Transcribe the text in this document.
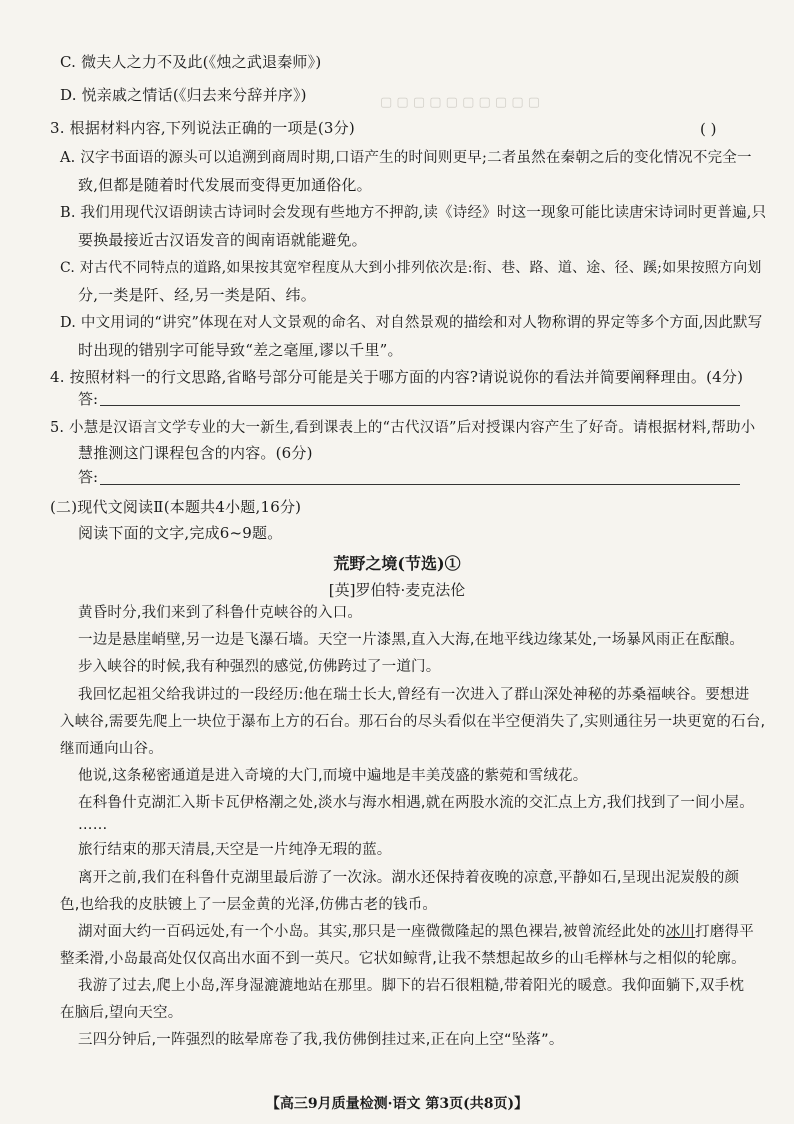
▢ ▢ ▢ ▢ ▢ ▢ ▢ ▢ ▢ ▢
C. 微夫人之力不及此(《烛之武退秦师》)
D. 悦亲戚之情话(《归去来兮辞并序》)
3. 根据材料内容,下列说法正确的一项是(3分)	( )
A. 汉字书面语的源头可以追溯到商周时期,口语产生的时间则更早;二者虽然在秦朝之后的变化情况不完全一
致,但都是随着时代发展而变得更加通俗化。
B. 我们用现代汉语朗读古诗词时会发现有些地方不押韵,读《诗经》时这一现象可能比读唐宋诗词时更普遍,只
要换最接近古汉语发音的闽南语就能避免。
C. 对古代不同特点的道路,如果按其宽窄程度从大到小排列依次是:衔、巷、路、道、途、径、蹊;如果按照方向划
分,一类是阡、经,另一类是陌、纬。
D. 中文用词的“讲究”体现在对人文景观的命名、对自然景观的描绘和对人物称谓的界定等多个方面,因此默写
时出现的错别字可能导致“差之毫厘,谬以千里”。
4. 按照材料一的行文思路,省略号部分可能是关于哪方面的内容?请说说你的看法并简要阐释理由。(4分)
答:
5. 小慧是汉语言文学专业的大一新生,看到课表上的“古代汉语”后对授课内容产生了好奇。请根据材料,帮助小
慧推测这门课程包含的内容。(6分)
答:
(二)现代文阅读Ⅱ(本题共4小题,16分)
阅读下面的文字,完成6~9题。
荒野之境(节选)①
[英]罗伯特·麦克法伦
黄昏时分,我们来到了科鲁什克峡谷的入口。
一边是悬崖峭壁,另一边是飞瀑石墙。天空一片漆黑,直入大海,在地平线边缘某处,一场暴风雨正在酝酿。
步入峡谷的时候,我有种强烈的感觉,仿佛跨过了一道门。
我回忆起祖父给我讲过的一段经历:他在瑞士长大,曾经有一次进入了群山深处神秘的苏桑福峡谷。要想进
入峡谷,需要先爬上一块位于瀑布上方的石台。那石台的尽头看似在半空便消失了,实则通往另一块更宽的石台,
继而通向山谷。
他说,这条秘密通道是进入奇境的大门,而境中遍地是丰美茂盛的紫菀和雪绒花。
在科鲁什克湖汇入斯卡瓦伊格潮之处,淡水与海水相遇,就在两股水流的交汇点上方,我们找到了一间小屋。
……
旅行结束的那天清晨,天空是一片纯净无瑕的蓝。
离开之前,我们在科鲁什克湖里最后游了一次泳。湖水还保持着夜晚的凉意,平静如石,呈现出泥炭般的颜
色,也给我的皮肤镀上了一层金黄的光泽,仿佛古老的钱币。
湖对面大约一百码远处,有一个小岛。其实,那只是一座微微隆起的黑色裸岩,被曾流经此处的冰川打磨得平
整柔滑,小岛最高处仅仅高出水面不到一英尺。它状如鲸背,让我不禁想起故乡的山毛榉林与之相似的轮廓。
我游了过去,爬上小岛,浑身湿漉漉地站在那里。脚下的岩石很粗糙,带着阳光的暖意。我仰面躺下,双手枕
在脑后,望向天空。
三四分钟后,一阵强烈的眩晕席卷了我,我仿佛倒挂过来,正在向上空“坠落”。
【高三9月质量检测·语文 第3页(共8页)】
